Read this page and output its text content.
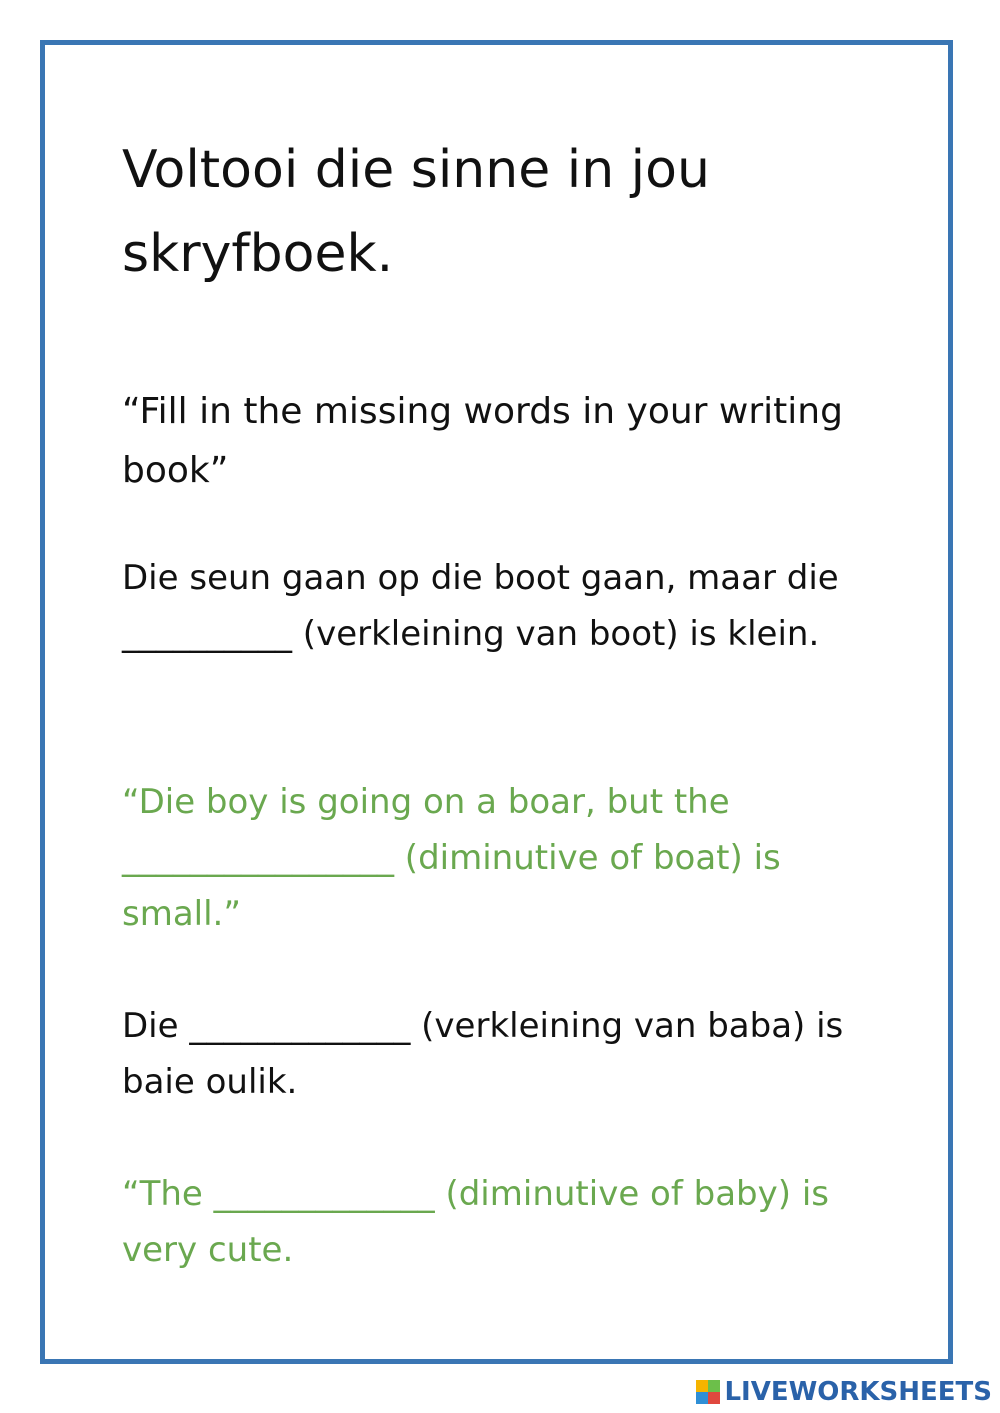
Voltooi die sinne in jou skryfboek.

“Fill in the missing words in your writing book”

Die seun gaan op die boot gaan, maar die __________ (verkleining van boot) is klein.

“Die boy is going on a boar, but the ________________ (diminutive of boat) is small.”

Die _____________ (verkleining van baba) is baie oulik.

“The _____________ (diminutive of baby) is very cute.

LIVEWORKSHEETS
